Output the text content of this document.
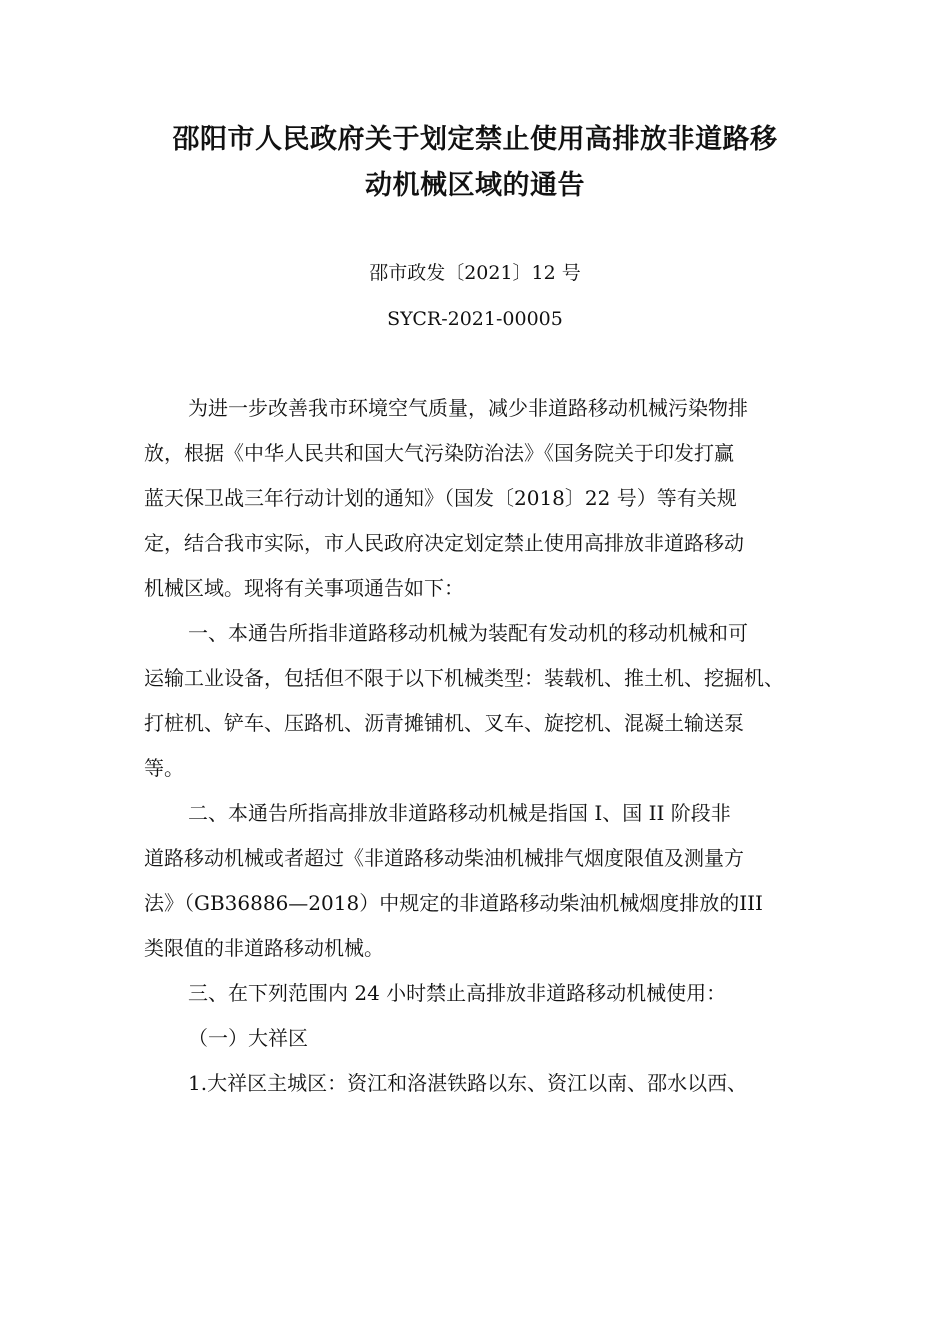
邵阳市人民政府关于划定禁止使用高排放非道路移
动机械区域的通告
邵市政发〔2021〕12 号
SYCR-2021-00005
为进一步改善我市环境空气质量，减少非道路移动机械污染物排
放，根据《中华人民共和国大气污染防治法》《国务院关于印发打赢
蓝天保卫战三年行动计划的通知》（国发〔2018〕22 号）等有关规
定，结合我市实际，市人民政府决定划定禁止使用高排放非道路移动
机械区域。现将有关事项通告如下：
一、本通告所指非道路移动机械为装配有发动机的移动机械和可
运输工业设备，包括但不限于以下机械类型：装载机、推土机、挖掘机、
打桩机、铲车、压路机、沥青摊铺机、叉车、旋挖机、混凝土输送泵
等。
二、本通告所指高排放非道路移动机械是指国 I、国 II 阶段非
道路移动机械或者超过《非道路移动柴油机械排气烟度限值及测量方
法》（GB36886—2018）中规定的非道路移动柴油机械烟度排放的III
类限值的非道路移动机械。
三、在下列范围内 24 小时禁止高排放非道路移动机械使用：
（一）大祥区
1.大祥区主城区：资江和洛湛铁路以东、资江以南、邵水以西、
